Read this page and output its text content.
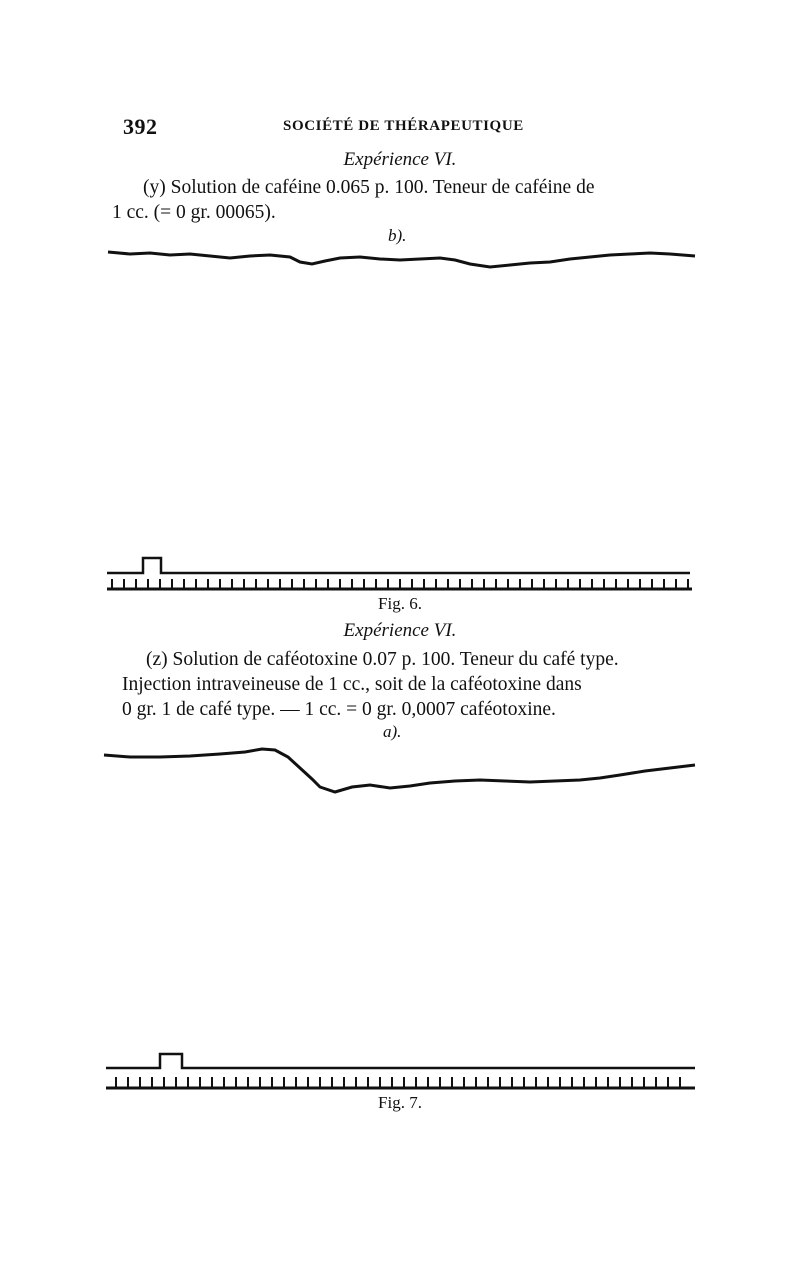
392	SOCIÉTÉ DE THÉRAPEUTIQUE
Expérience VI.
(y) Solution de caféine 0.065 p. 100. Teneur de caféine de
1 cc. (= 0 gr. 00065).
b).
Fig. 6.
Expérience VI.
(z) Solution de caféotoxine 0.07 p. 100. Teneur du café type.
Injection intraveineuse de 1 cc., soit de la caféotoxine dans
0 gr. 1 de café type. — 1 cc. = 0 gr. 0,0007 caféotoxine.
a).
Fig. 7.
